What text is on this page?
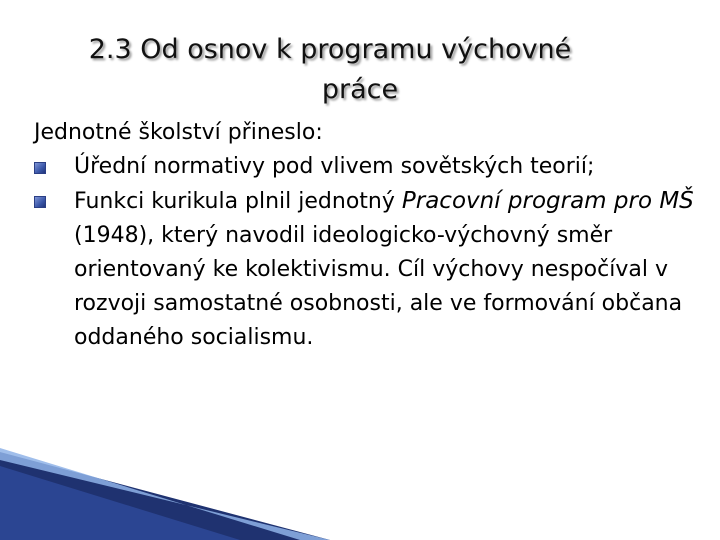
2.3 Od osnov k programu výchovné
práce

Jednotné školství přineslo:

Úřední normativy pod vlivem sovětských teorií;

Funkci kurikula plnil jednotný Pracovní program pro MŠ (1948), který navodil ideologicko-výchovný směr orientovaný ke kolektivismu. Cíl výchovy nespočíval v rozvoji samostatné osobnosti, ale ve formování občana oddaného socialismu.
